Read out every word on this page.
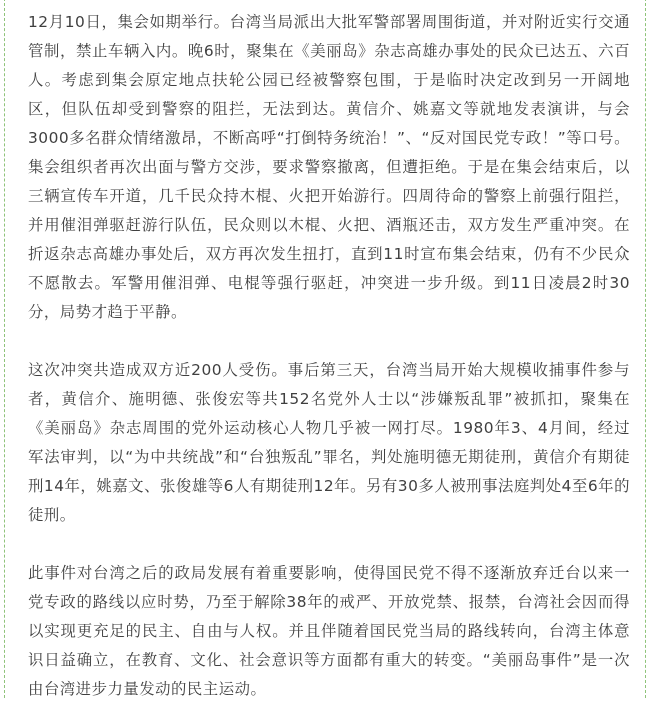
12月10日，集会如期举行。台湾当局派出大批军警部署周围街道，并对附近实行交通管制，禁止车辆入内。晚6时，聚集在《美丽岛》杂志高雄办事处的民众已达五、六百人。考虑到集会原定地点扶轮公园已经被警察包围，于是临时决定改到另一开阔地区，但队伍却受到警察的阻拦，无法到达。黄信介、姚嘉文等就地发表演讲，与会3000多名群众情绪激昂，不断高呼“打倒特务统治！”、“反对国民党专政！”等口号。集会组织者再次出面与警方交涉，要求警察撤离，但遭拒绝。于是在集会结束后，以三辆宣传车开道，几千民众持木棍、火把开始游行。四周待命的警察上前强行阻拦，并用催泪弹驱赶游行队伍，民众则以木棍、火把、酒瓶还击，双方发生严重冲突。在折返杂志高雄办事处后，双方再次发生扭打，直到11时宣布集会结束，仍有不少民众不愿散去。军警用催泪弹、电棍等强行驱赶，冲突进一步升级。到11日凌晨2时30分，局势才趋于平静。

这次冲突共造成双方近200人受伤。事后第三天，台湾当局开始大规模收捕事件参与者，黄信介、施明德、张俊宏等共152名党外人士以“涉嫌叛乱罪”被抓扣，聚集在《美丽岛》杂志周围的党外运动核心人物几乎被一网打尽。1980年3、4月间，经过军法审判，以“为中共统战”和“台独叛乱”罪名，判处施明德无期徒刑，黄信介有期徒刑14年，姚嘉文、张俊雄等6人有期徒刑12年。另有30多人被刑事法庭判处4至6年的徒刑。

此事件对台湾之后的政局发展有着重要影响，使得国民党不得不逐渐放弃迁台以来一党专政的路线以应时势，乃至于解除38年的戒严、开放党禁、报禁，台湾社会因而得以实现更充足的民主、自由与人权。并且伴随着国民党当局的路线转向，台湾主体意识日益确立，在教育、文化、社会意识等方面都有重大的转变。“美丽岛事件”是一次由台湾进步力量发动的民主运动。
